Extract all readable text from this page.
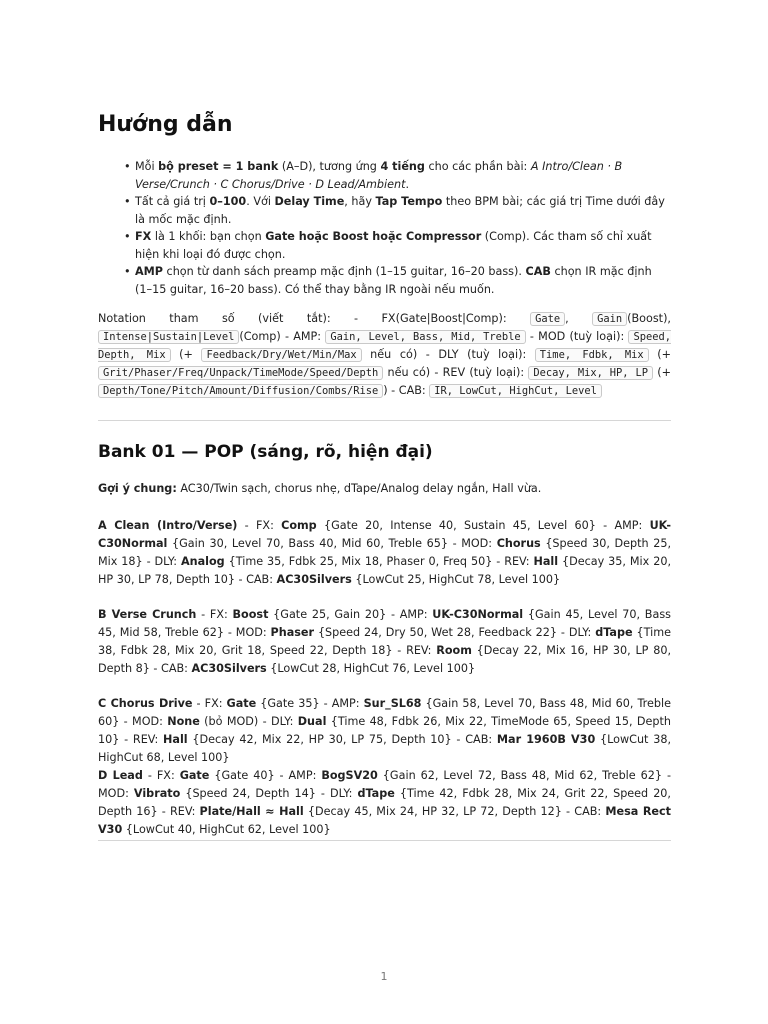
Hướng dẫn
• Mỗi bộ preset = 1 bank (A–D), tương ứng 4 tiếng cho các phần bài: A Intro/Clean · B Verse/Crunch · C Chorus/Drive · D Lead/Ambient.
• Tất cả giá trị 0–100. Với Delay Time, hãy Tap Tempo theo BPM bài; các giá trị Time dưới đây là mốc mặc định.
• FX là 1 khối: bạn chọn Gate hoặc Boost hoặc Compressor (Comp). Các tham số chỉ xuất hiện khi loại đó được chọn.
• AMP chọn từ danh sách preamp mặc định (1–15 guitar, 16–20 bass). CAB chọn IR mặc định (1–15 guitar, 16–20 bass). Có thể thay bằng IR ngoài nếu muốn.

Notation tham số (viết tắt): - FX(Gate|Boost|Comp): Gate , Gain (Boost), Intense|Sustain|Level (Comp) - AMP: Gain, Level, Bass, Mid, Treble - MOD (tuỳ loại): Speed, Depth, Mix (+ Feedback/Dry/Wet/Min/Max nếu có) - DLY (tuỳ loại): Time, Fdbk, Mix (+ Grit/Phaser/Freq/Unpack/TimeMode/Speed/Depth nếu có) - REV (tuỳ loại): Decay, Mix, HP, LP (+ Depth/Tone/Pitch/Amount/Diffusion/Combs/Rise ) - CAB: IR, LowCut, HighCut, Level

Bank 01 — POP (sáng, rõ, hiện đại)

Gợi ý chung: AC30/Twin sạch, chorus nhẹ, dTape/Analog delay ngắn, Hall vừa.

A Clean (Intro/Verse) - FX: Comp {Gate 20, Intense 40, Sustain 45, Level 60} - AMP: UK-C30Normal {Gain 30, Level 70, Bass 40, Mid 60, Treble 65} - MOD: Chorus {Speed 30, Depth 25, Mix 18} - DLY: Analog {Time 35, Fdbk 25, Mix 18, Phaser 0, Freq 50} - REV: Hall {Decay 35, Mix 20, HP 30, LP 78, Depth 10} - CAB: AC30Silvers {LowCut 25, HighCut 78, Level 100}

B Verse Crunch - FX: Boost {Gate 25, Gain 20} - AMP: UK-C30Normal {Gain 45, Level 70, Bass 45, Mid 58, Treble 62} - MOD: Phaser {Speed 24, Dry 50, Wet 28, Feedback 22} - DLY: dTape {Time 38, Fdbk 28, Mix 20, Grit 18, Speed 22, Depth 18} - REV: Room {Decay 22, Mix 16, HP 30, LP 80, Depth 8} - CAB: AC30Silvers {LowCut 28, HighCut 76, Level 100}

C Chorus Drive - FX: Gate {Gate 35} - AMP: Sur_SL68 {Gain 58, Level 70, Bass 48, Mid 60, Treble 60} - MOD: None (bỏ MOD) - DLY: Dual {Time 48, Fdbk 26, Mix 22, TimeMode 65, Speed 15, Depth 10} - REV: Hall {Decay 42, Mix 22, HP 30, LP 75, Depth 10} - CAB: Mar 1960B V30 {LowCut 38, HighCut 68, Level 100}

D Lead - FX: Gate {Gate 40} - AMP: BogSV20 {Gain 62, Level 72, Bass 48, Mid 62, Treble 62} - MOD: Vibrato {Speed 24, Depth 14} - DLY: dTape {Time 42, Fdbk 28, Mix 24, Grit 22, Speed 20, Depth 16} - REV: Plate/Hall ≈ Hall {Decay 45, Mix 24, HP 32, LP 72, Depth 12} - CAB: Mesa Rect V30 {LowCut 40, HighCut 62, Level 100}

1
